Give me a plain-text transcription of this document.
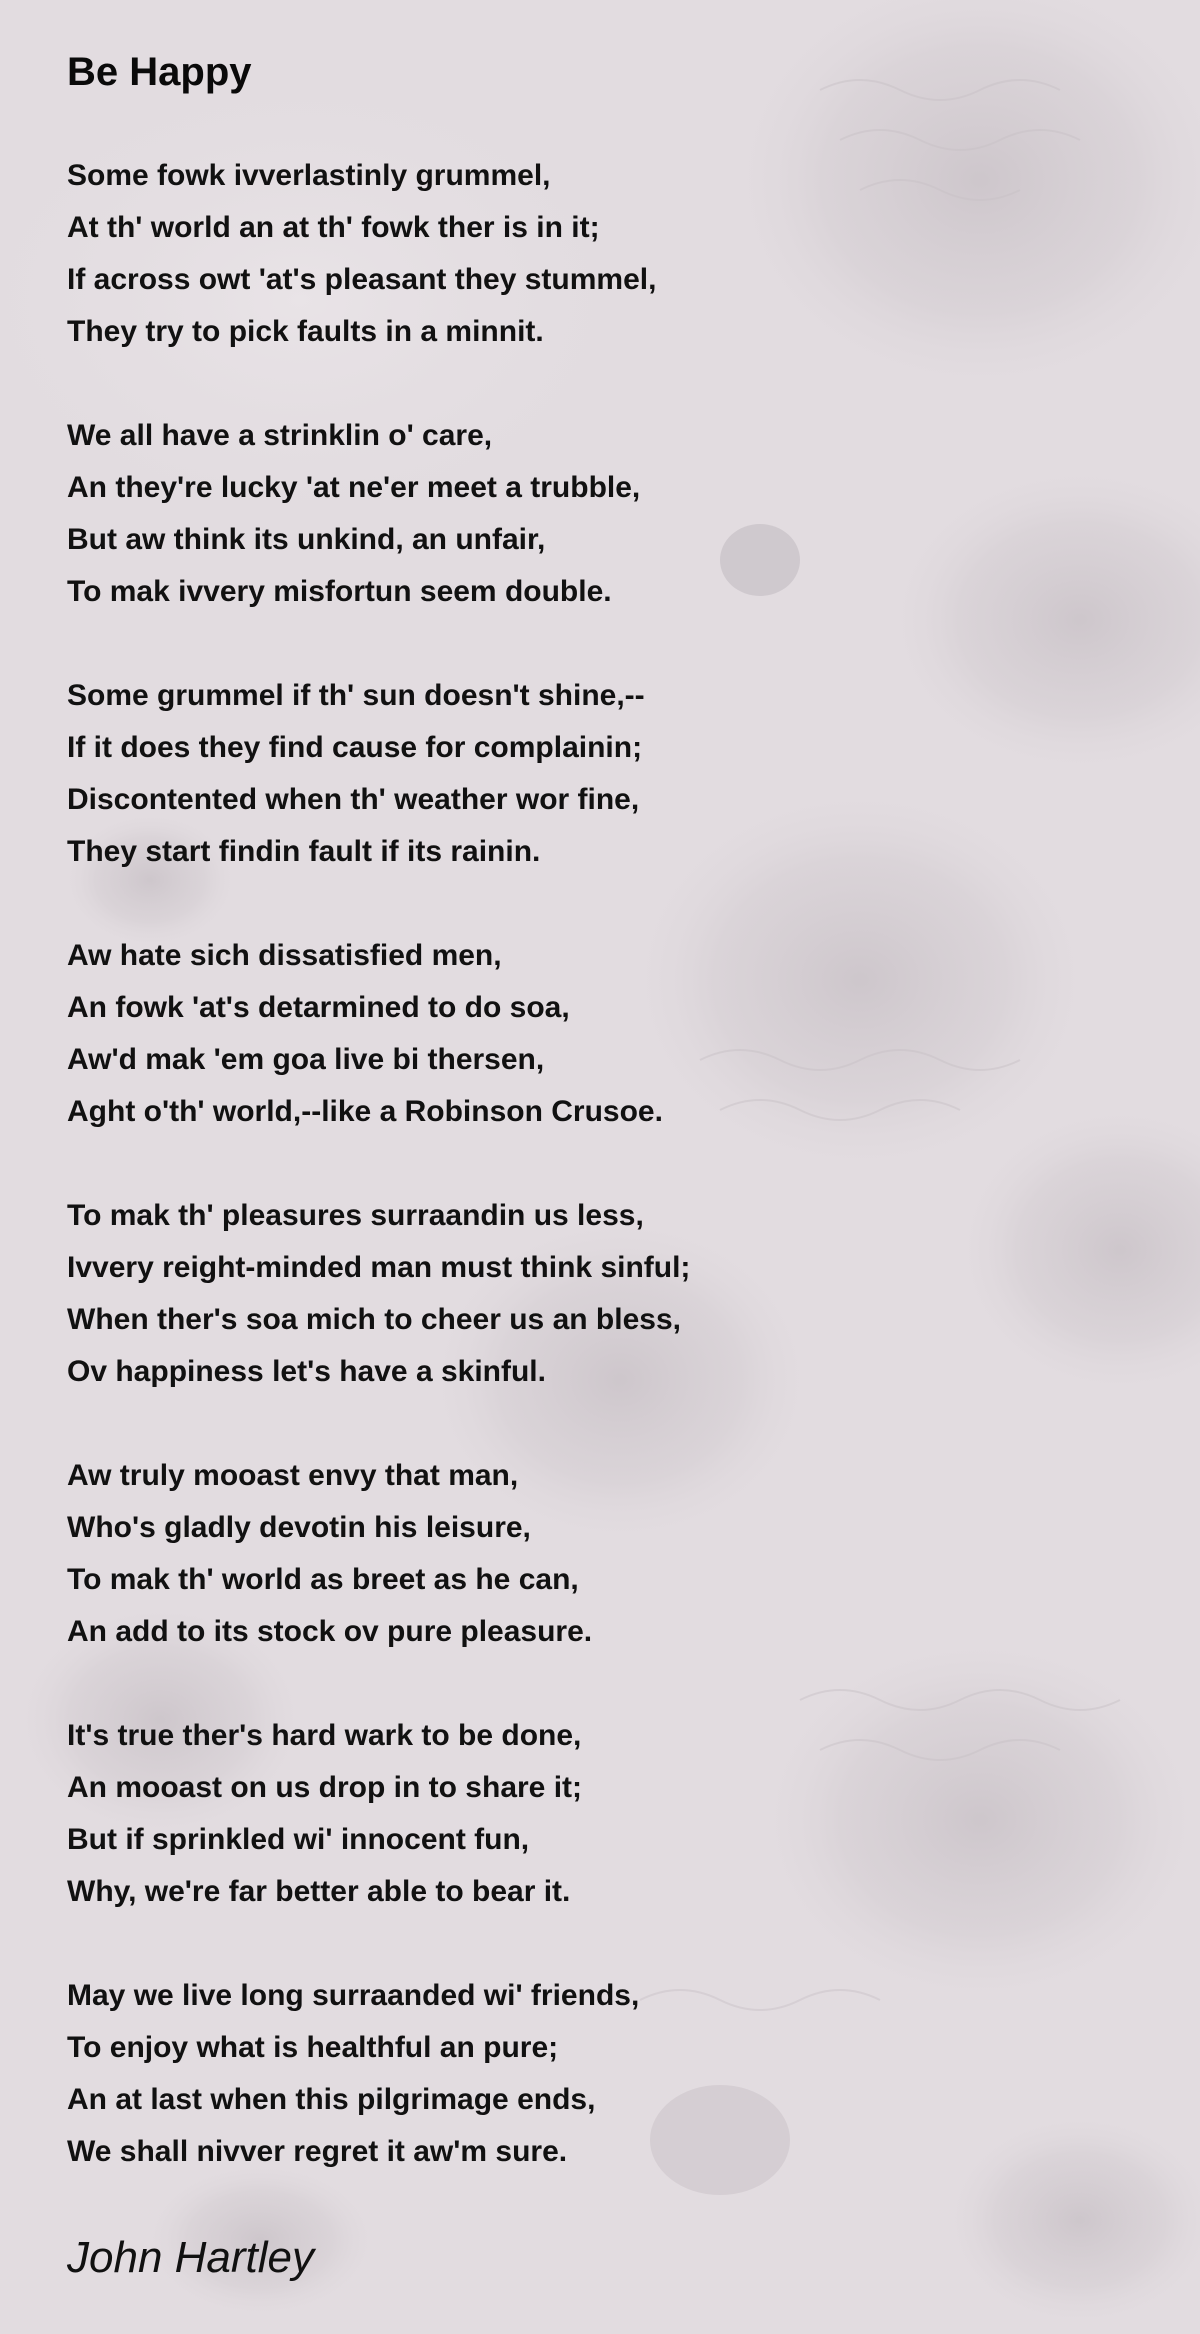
Be Happy
Some fowk ivverlastinly grummel,
At th' world an at th' fowk ther is in it;
If across owt 'at's pleasant they stummel,
They try to pick faults in a minnit.
We all have a strinklin o' care,
An they're lucky 'at ne'er meet a trubble,
But aw think its unkind, an unfair,
To mak ivvery misfortun seem double.
Some grummel if th' sun doesn't shine,--
If it does they find cause for complainin;
Discontented when th' weather wor fine,
They start findin fault if its rainin.
Aw hate sich dissatisfied men,
An fowk 'at's detarmined to do soa,
Aw'd mak 'em goa live bi thersen,
Aght o'th' world,--like a Robinson Crusoe.
To mak th' pleasures surraandin us less,
Ivvery reight-minded man must think sinful;
When ther's soa mich to cheer us an bless,
Ov happiness let's have a skinful.
Aw truly mooast envy that man,
Who's gladly devotin his leisure,
To mak th' world as breet as he can,
An add to its stock ov pure pleasure.
It's true ther's hard wark to be done,
An mooast on us drop in to share it;
But if sprinkled wi' innocent fun,
Why, we're far better able to bear it.
May we live long surraanded wi' friends,
To enjoy what is healthful an pure;
An at last when this pilgrimage ends,
We shall nivver regret it aw'm sure.
John Hartley
